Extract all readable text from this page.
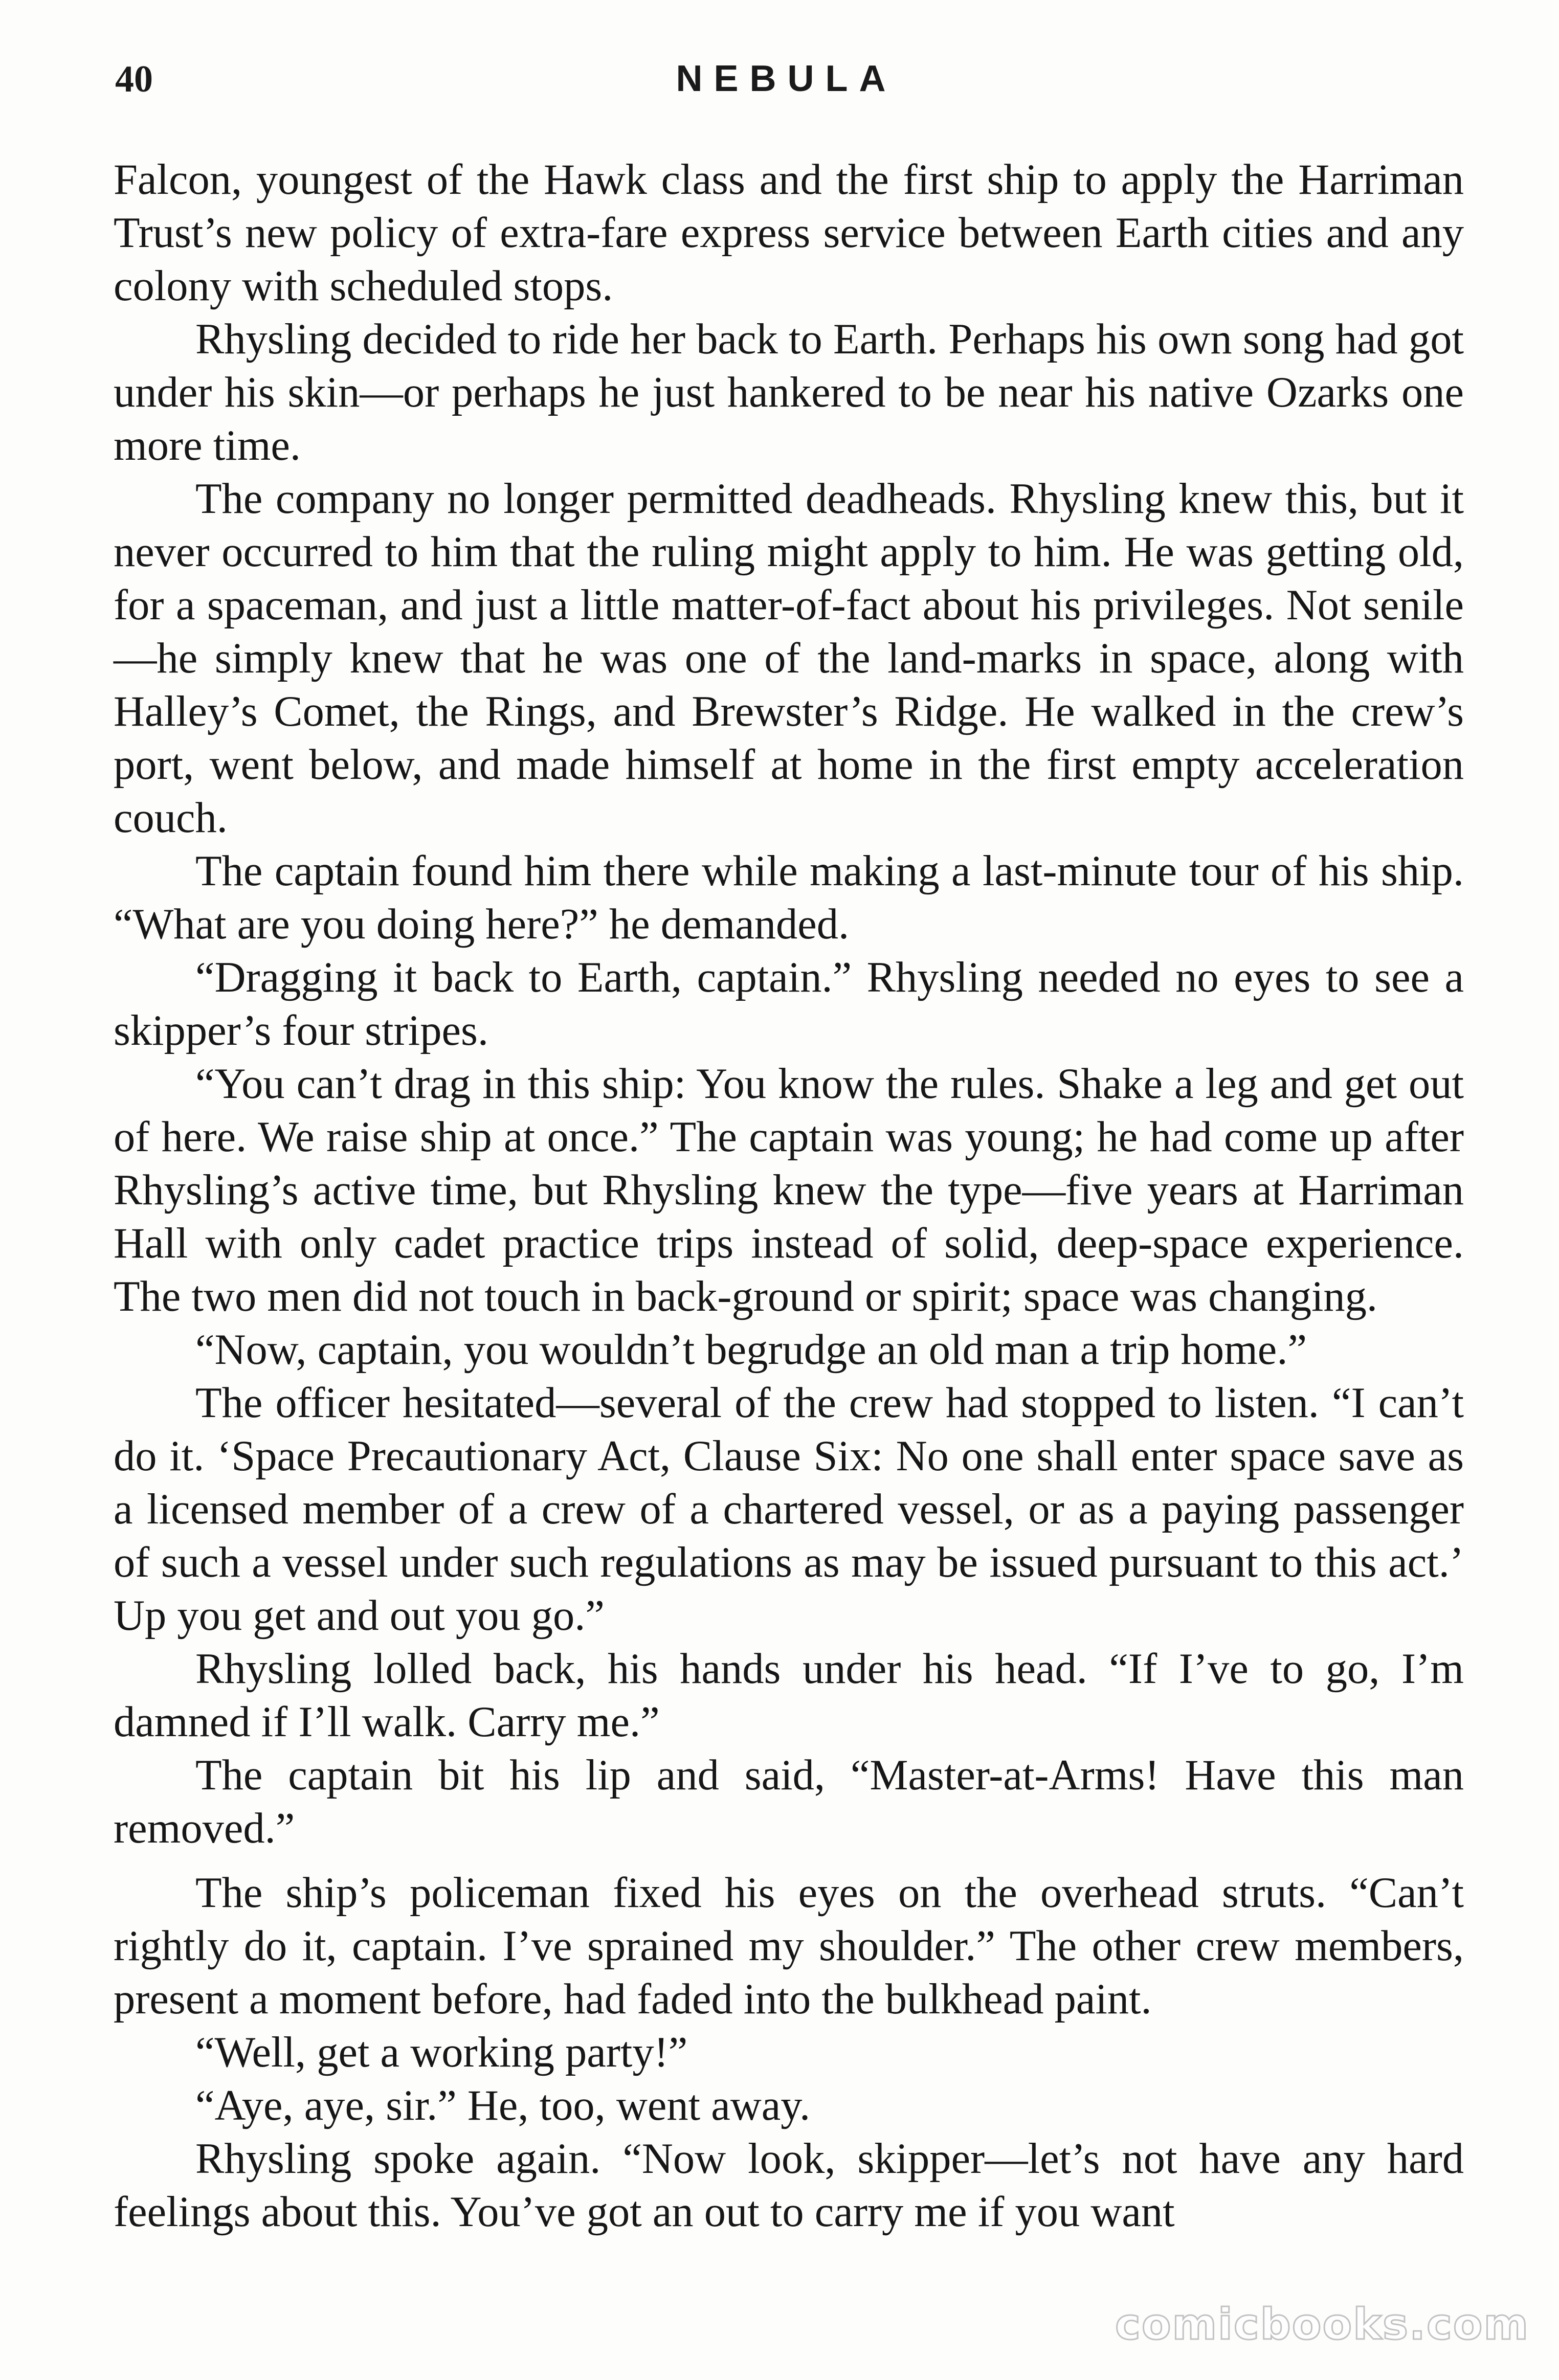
40	NEBULA

Falcon, youngest of the Hawk class and the first ship to apply the Harriman Trust’s new policy of extra-fare express service between Earth cities and any colony with scheduled stops.

Rhysling decided to ride her back to Earth. Perhaps his own song had got under his skin—or perhaps he just hankered to be near his native Ozarks one more time.

The company no longer permitted deadheads. Rhysling knew this, but it never occurred to him that the ruling might apply to him. He was getting old, for a spaceman, and just a little matter-of-fact about his privileges. Not senile—he simply knew that he was one of the land-marks in space, along with Halley’s Comet, the Rings, and Brewster’s Ridge. He walked in the crew’s port, went below, and made himself at home in the first empty acceleration couch.

The captain found him there while making a last-minute tour of his ship. “What are you doing here?” he demanded.

“Dragging it back to Earth, captain.” Rhysling needed no eyes to see a skipper’s four stripes.

“You can’t drag in this ship: You know the rules. Shake a leg and get out of here. We raise ship at once.” The captain was young; he had come up after Rhysling’s active time, but Rhysling knew the type—five years at Harriman Hall with only cadet practice trips instead of solid, deep-space experience. The two men did not touch in back-ground or spirit; space was changing.

“Now, captain, you wouldn’t begrudge an old man a trip home.”

The officer hesitated—several of the crew had stopped to listen. “I can’t do it. ‘Space Precautionary Act, Clause Six: No one shall enter space save as a licensed member of a crew of a chartered vessel, or as a paying passenger of such a vessel under such regulations as may be issued pursuant to this act.’ Up you get and out you go.”

Rhysling lolled back, his hands under his head. “If I’ve to go, I’m damned if I’ll walk. Carry me.”

The captain bit his lip and said, “Master-at-Arms! Have this man removed.”

The ship’s policeman fixed his eyes on the overhead struts. “Can’t rightly do it, captain. I’ve sprained my shoulder.” The other crew members, present a moment before, had faded into the bulkhead paint.

“Well, get a working party!”

“Aye, aye, sir.” He, too, went away.

Rhysling spoke again. “Now look, skipper—let’s not have any hard feelings about this. You’ve got an out to carry me if you want

comicbooks.com
